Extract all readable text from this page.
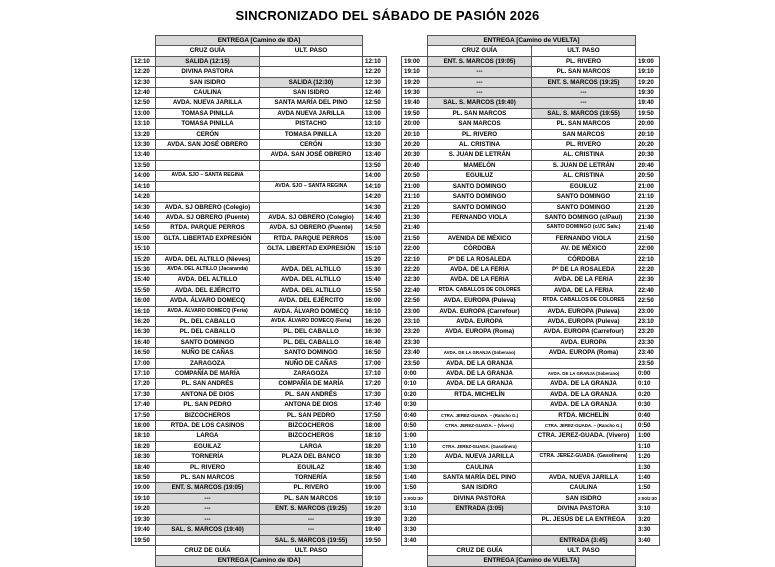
SINCRONIZADO DEL SÁBADO DE PASIÓN 2026
	ENTREGA [Camino de IDA]		
	CRUZ GUÍA	ULT. PASO	
12:10	SALIDA (12:15)		12:10
12:20	DIVINA PASTORA		12:20
12:30	SAN ISIDRO	SALIDA (12:30)	12:30
12:40	CAULINA	SAN ISIDRO	12:40
12:50	AVDA. NUEVA JARILLA	SANTA MARÍA DEL PINO	12:50
13:00	TOMASA PINILLA	AVDA NUEVA JARILLA	13:00
13:10	TOMASA PINILLA	PISTACHO	13:10
13:20	CERÓN	TOMASA PINILLA	13:20
13:30	AVDA. SAN JOSÉ OBRERO	CERÓN	13:30
13:40		AVDA. SAN JOSÉ OBRERO	13:40
13:50			13:50
14:00	AVDA. SJO – SANTA REGINA		14:00
14:10		AVDA. SJO – SANTA REGINA	14:10
14:20			14:20
14:30	AVDA. SJ OBRERO (Colegio)		14:30
14:40	AVDA. SJ OBRERO (Puente)	AVDA. SJ OBRERO (Colegio)	14:40
14:50	RTDA. PARQUE PERROS	AVDA. SJ OBRERO (Puente)	14:50
15:00	GLTA. LIBERTAD EXPRESIÓN	RTDA. PARQUE PERROS	15:00
15:10		GLTA. LIBERTAD EXPRESIÓN	15:10
15:20	AVDA. DEL ALTILLO (Nieves)		15:20
15:30	AVDA. DEL ALTILLO (Jacaranda)	AVDA. DEL ALTILLO	15:30
15:40	AVDA. DEL ALTILLO	AVDA. DEL ALTILLO	15:40
15:50	AVDA. DEL EJÉRCITO	AVDA. DEL ALTILLO	15:50
16:00	AVDA. ÁLVARO DOMECQ	AVDA. DEL EJÉRCITO	16:00
16:10	AVDA. ÁLVARO DOMECQ (Feria)	AVDA. ÁLVARO DOMECQ	16:10
16:20	PL. DEL CABALLO	AVDA. ÁLVARO DOMECQ (Feria)	16:20
16:30	PL. DEL CABALLO	PL. DEL CABALLO	16:30
16:40	SANTO DOMINGO	PL. DEL CABALLO	16:40
16:50	NUÑO DE CAÑAS	SANTO DOMINGO	16:50
17:00	ZARAGOZA	NUÑO DE CAÑAS	17:00
17:10	COMPAÑÍA DE MARÍA	ZARAGOZA	17:10
17:20	PL. SAN ANDRÉS	COMPAÑÍA DE MARÍA	17:20
17:30	ANTONA DE DIOS	PL. SAN ANDRÉS	17:30
17:40	PL. SAN PEDRO	ANTONA DE DIOS	17:40
17:50	BIZCOCHEROS	PL. SAN PEDRO	17:50
18:00	RTDA. DE LOS CASINOS	BIZCOCHEROS	18:00
18:10	LARGA	BIZCOCHEROS	18:10
18:20	EGUILAZ	LARGA	18:20
18:30	TORNERÍA	PLAZA DEL BANCO	18:30
18:40	PL. RIVERO	EGUILAZ	18:40
18:50	PL. SAN MARCOS	TORNERÍA	18:50
19:00	ENT. S. MARCOS (19:05)	PL. RIVERO	19:00
19:10	---	PL. SAN MARCOS	19:10
19:20	---	ENT. S. MARCOS (19:25)	19:20
19:30	---	---	19:30
19:40	SAL. S. MARCOS (19:40)	---	19:40
19:50		SAL. S. MARCOS (19:55)	19:50
	CRUZ DE GUÍA	ULT. PASO	
	ENTREGA [Camino de IDA]		
	ENTREGA [Camino de VUELTA]		
	CRUZ GUÍA	ULT. PASO	
19:00	ENT. S. MARCOS (19:05)	PL. RIVERO	19:00
19:10	---	PL. SAN MARCOS	19:10
19:20	---	ENT. S. MARCOS (19:25)	19:20
19:30	---	---	19:30
19:40	SAL. S. MARCOS (19:40)	---	19:40
19:50	PL. SAN MARCOS	SAL. S. MARCOS (19:55)	19:50
20:00	SAN MARCOS	PL. SAN MARCOS	20:00
20:10	PL. RIVERO	SAN MARCOS	20:10
20:20	AL. CRISTINA	PL. RIVERO	20:20
20:30	S. JUAN DE LETRÁN	AL. CRISTINA	20:30
20:40	MAMELÓN	S. JUAN DE LETRÁN	20:40
20:50	EGUILUZ	AL. CRISTINA	20:50
21:00	SANTO DOMINGO	EGUILUZ	21:00
21:10	SANTO DOMINGO	SANTO DOMINGO	21:10
21:20	SANTO DOMINGO	SANTO DOMINGO	21:20
21:30	FERNANDO VIOLA	SANTO DOMINGO (c/Paul)	21:30
21:40		SANTO DOMINGO (c/JC Salv.)	21:40
21:50	AVENIDA DE MÉXICO	FERNANDO VIOLA	21:50
22:00	CÓRDOBA	AV. DE MÉXICO	22:00
22:10	Pº DE LA ROSALEDA	CÓRDOBA	22:10
22:20	AVDA. DE LA FERIA	Pº DE LA ROSALEDA	22:20
22:30	AVDA. DE LA FERIA	AVDA. DE LA FERIA	22:30
22:40	RTDA. CABALLOS DE COLORES	AVDA. DE LA FERIA	22:40
22:50	AVDA. EUROPA (Puleva)	RTDA. CABALLOS DE COLORES	22:50
23:00	AVDA. EUROPA (Carrefour)	AVDA. EUROPA (Pulevа)	23:00
23:10	AVDA. EUROPA	AVDA. EUROPA (Pulevа)	23:10
23:20	AVDA. EUROPA (Roma)	AVDA. EUROPA (Carrefour)	23:20
23:30		AVDA. EUROPA	23:30
23:40	AVDA. DE LA GRANJA (Soberano)	AVDA. EUROPA (Roma)	23:40
23:50	AVDA. DE LA GRANJA		23:50
0:00	AVDA. DE LA GRANJA	AVDA. DE LA GRANJA (Soberano)	0:00
0:10	AVDA. DE LA GRANJA	AVDA. DE LA GRANJA	0:10
0:20	RTDA. MICHELÍN	AVDA. DE LA GRANJA	0:20
0:30		AVDA. DE LA GRANJA	0:30
0:40	CTRA. JEREZ-GUADA. – (Rancho G.)	RTDA. MICHELÍN	0:40
0:50	CTRA. JEREZ-GUADA. – (Vivero)	CTRA. JEREZ-GUADA. – (Rancho G.)	0:50
1:00		CTRA. JEREZ-GUADA. (Vivero)	1:00
1:10	CTRA. JEREZ-GUADA. (Gasolinera)		1:10
1:20	AVDA. NUEVA JARILLA	CTRA. JEREZ-GUADA. (Gasolinera)	1:20
1:30	CAULINA		1:30
1:40	SANTA MARÍA DEL PINO	AVDA. NUEVA JARILLA	1:40
1:50	SAN ISIDRO	CAULINA	1:50
2:00/2:30	DIVINA PASTORA	SAN ISIDRO	2:00/2:30
3:10	ENTRADA (3:05)	DIVINA PASTORA	3:10
3:20		PL. JESÚS DE LA ENTREGA	3:20
3:30			3:30
3:40		ENTRADA (3:45)	3:40
	CRUZ DE GUÍA	ULT. PASO	
	ENTREGA [Camino de VUELTA]		
